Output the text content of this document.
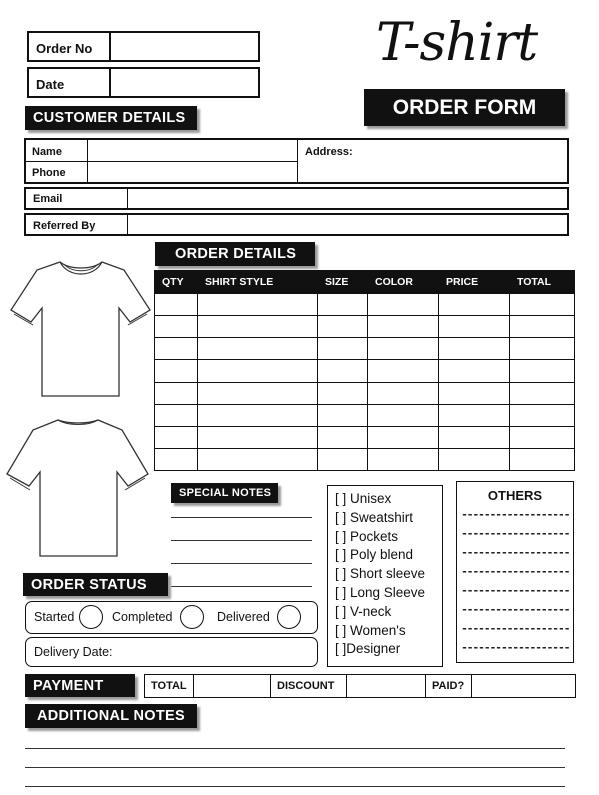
Order No
Date
T-shirt
ORDER FORM
CUSTOMER DETAILS
Name
Phone
Address:
Email
Referred By
ORDER DETAILS
QTY	SHIRT STYLE	SIZE	COLOR	PRICE	TOTAL

SPECIAL NOTES	[ ] Unisex
[ ] Sweatshirt
[ ] Pockets
[ ] Poly blend
[ ] Short sleeve
[ ] Long Sleeve
[ ] V-neck
[ ] Women's
[ ]Designer
OTHERS
-------------------
-------------------
-------------------
-------------------
-------------------
-------------------
-------------------
-------------------
ORDER STATUS
Started	Completed	Delivered
Delivery Date:
PAYMENT	TOTAL	DISCOUNT	PAID?
ADDITIONAL NOTES
